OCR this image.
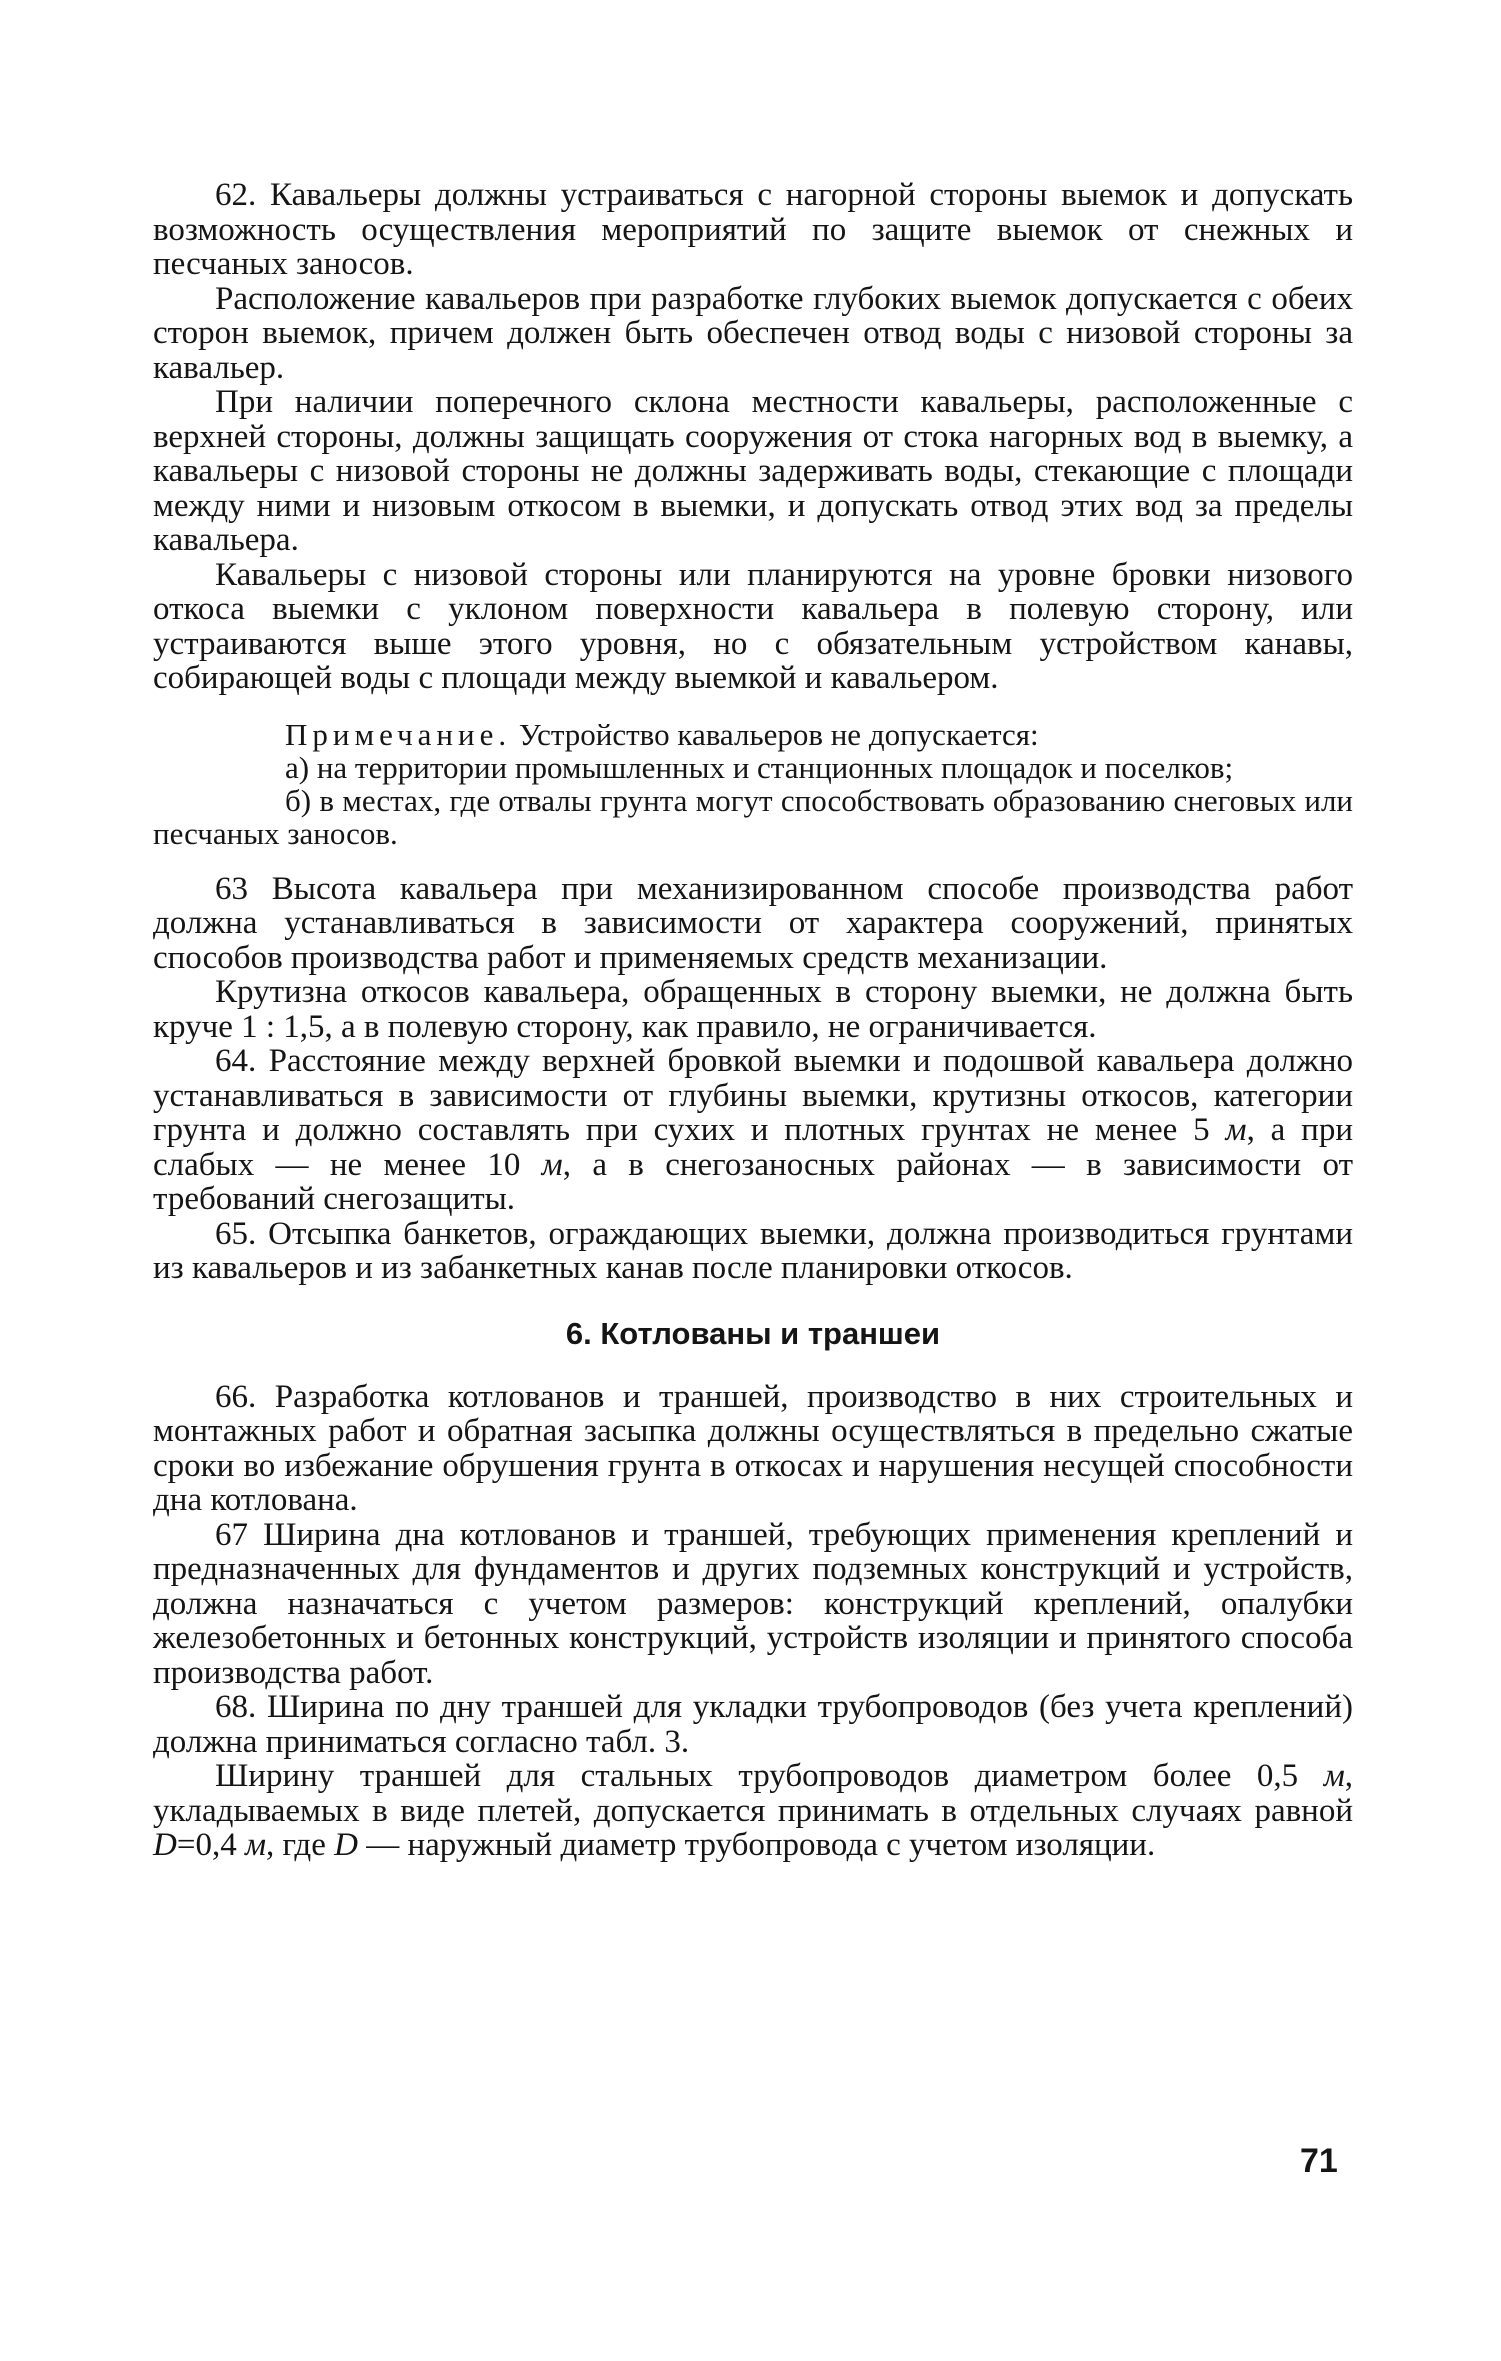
62. Кавальеры должны устраиваться с нагорной стороны выемок и допускать возможность осуществления мероприятий по защите выемок от снежных и песчаных заносов.

Расположение кавальеров при разработке глубоких выемок допускается с обеих сторон выемок, причем должен быть обеспечен отвод воды с низовой стороны за кавальер.

При наличии поперечного склона местности кавальеры, расположенные с верхней стороны, должны защищать сооружения от стока нагорных вод в выемку, а кавальеры с низовой стороны не должны задерживать воды, стекающие с площади между ними и низовым откосом в выемки, и допускать отвод этих вод за пределы кавальера.

Кавальеры с низовой стороны или планируются на уровне бровки низового откоса выемки с уклоном поверхности кавальера в полевую сторону, или устраиваются выше этого уровня, но с обязательным устройством канавы, собирающей воды с площади между выемкой и кавальером.

Примечание. Устройство кавальеров не допускается:

а) на территории промышленных и станционных площадок и поселков;

б) в местах, где отвалы грунта могут способствовать образованию снеговых или песчаных заносов.

63 Высота кавальера при механизированном способе производства работ должна устанавливаться в зависимости от характера сооружений, принятых способов производства работ и применяемых средств механизации.

Крутизна откосов кавальера, обращенных в сторону выемки, не должна быть круче 1 : 1,5, а в полевую сторону, как правило, не ограничивается.

64. Расстояние между верхней бровкой выемки и подошвой кавальера должно устанавливаться в зависимости от глубины выемки, крутизны откосов, категории грунта и должно составлять при сухих и плотных грунтах не менее 5 м, а при слабых — не менее 10 м, а в снегозаносных районах — в зависимости от требований снегозащиты.

65. Отсыпка банкетов, ограждающих выемки, должна производиться грунтами из кавальеров и из забанкетных канав после планировки откосов.

6. Котлованы и траншеи

66. Разработка котлованов и траншей, производство в них строительных и монтажных работ и обратная засыпка должны осуществляться в предельно сжатые сроки во избежание обрушения грунта в откосах и нарушения несущей способности дна котлована.

67 Ширина дна котлованов и траншей, требующих применения креплений и предназначенных для фундаментов и других подземных конструкций и устройств, должна назначаться с учетом размеров: конструкций креплений, опалубки железобетонных и бетонных конструкций, устройств изоляции и принятого способа производства работ.

68. Ширина по дну траншей для укладки трубопроводов (без учета креплений) должна приниматься согласно табл. 3.

Ширину траншей для стальных трубопроводов диаметром более 0,5 м, укладываемых в виде плетей, допускается принимать в отдельных случаях равной D=0,4 м, где D — наружный диаметр трубопровода с учетом изоляции.

71
